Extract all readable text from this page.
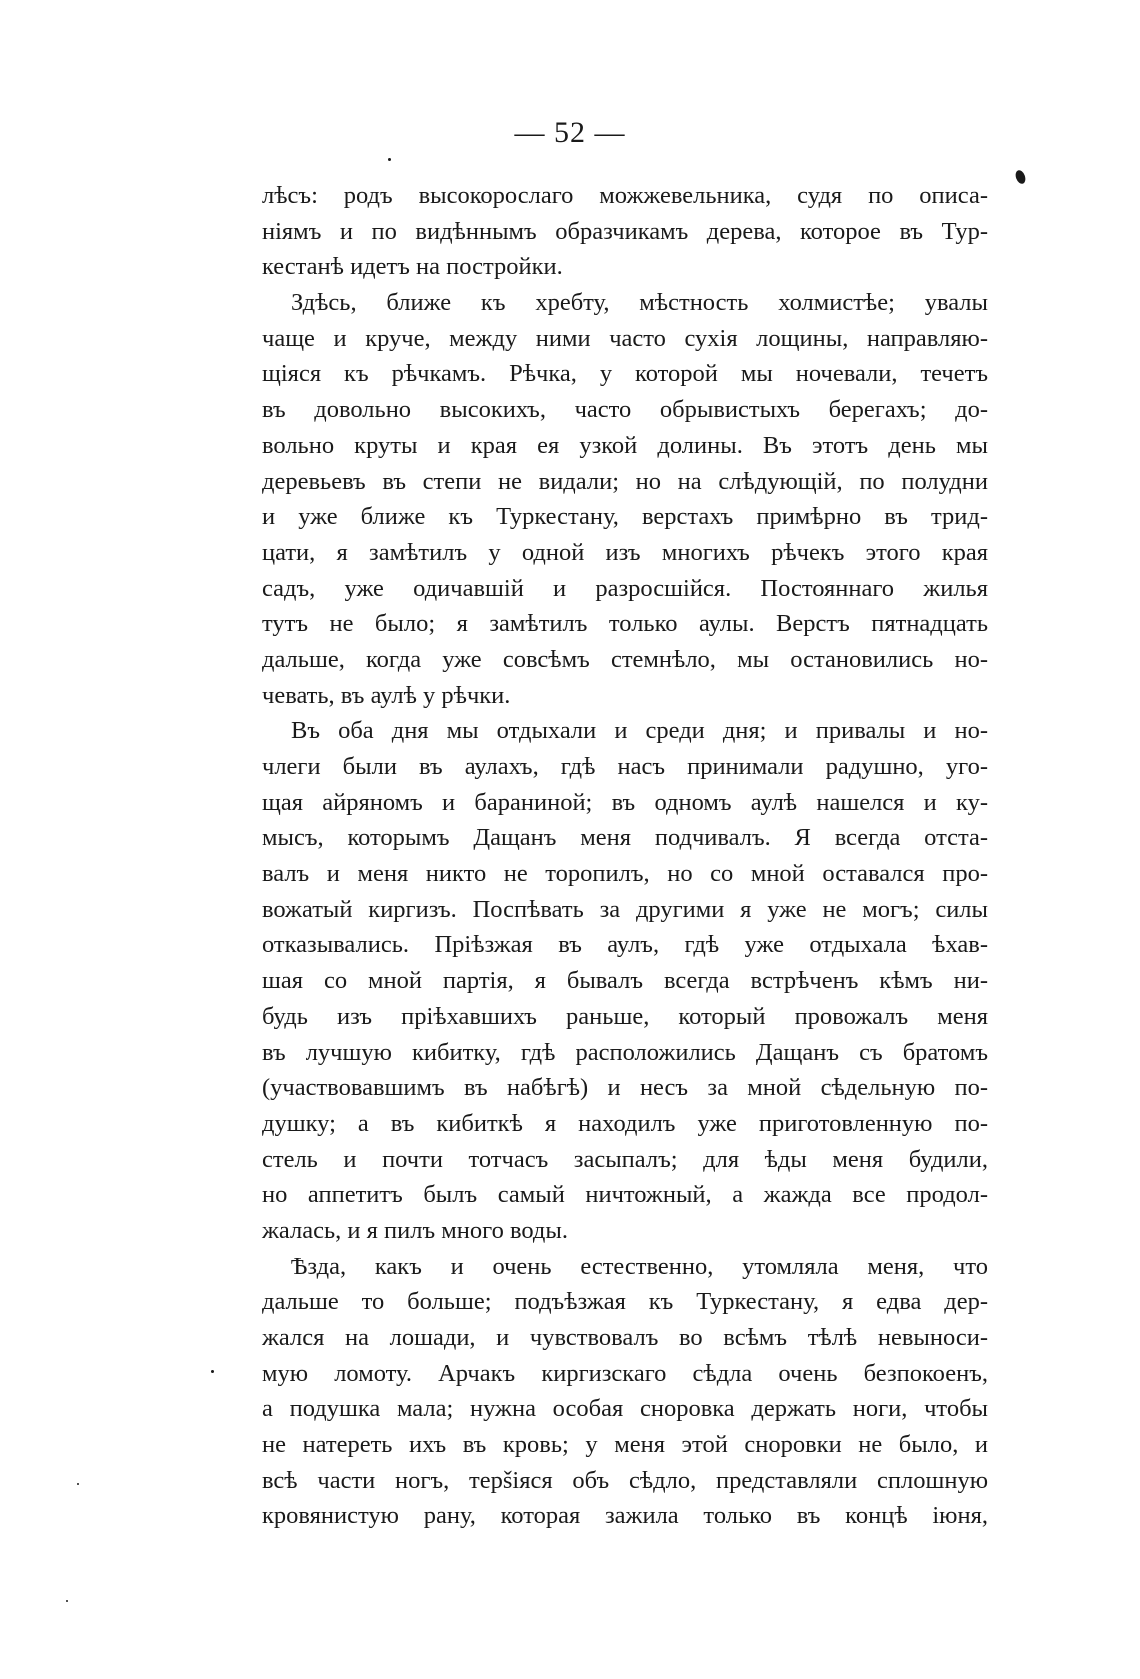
— 52 —
лѣсъ: родъ высокорослаго можжевельника, судя по описа-
ніямъ и по видѣннымъ образчикамъ дерева, которое въ Тур-
кестанѣ идетъ на постройки.
Здѣсь, ближе къ хребту, мѣстность холмистѣе; увалы
чаще и круче, между ними часто сухія лощины, направляю-
щіяся къ рѣчкамъ. Рѣчка, у которой мы ночевали, течетъ
въ довольно высокихъ, часто обрывистыхъ берегахъ; до-
вольно круты и края ея узкой долины. Въ этотъ день мы
деревьевъ въ степи не видали; но на слѣдующій, по полудни
и уже ближе къ Туркестану, верстахъ примѣрно въ трид-
цати, я замѣтилъ у одной изъ многихъ рѣчекъ этого края
садъ, уже одичавшій и разросшійся. Постояннаго жилья
тутъ не было; я замѣтилъ только аулы. Верстъ пятнадцать
дальше, когда уже совсѣмъ стемнѣло, мы остановились но-
чевать, въ аулѣ у рѣчки.
Въ оба дня мы отдыхали и среди дня; и привалы и но-
члеги были въ аулахъ, гдѣ насъ принимали радушно, уго-
щая айряномъ и бараниной; въ одномъ аулѣ нашелся и ку-
мысъ, которымъ Дащанъ меня подчивалъ. Я всегда отста-
валъ и меня никто не торопилъ, но со мной оставался про-
вожатый киргизъ. Поспѣвать за другими я уже не могъ; силы
отказывались. Пріѣзжая въ аулъ, гдѣ уже отдыхала ѣхав-
шая со мной партія, я бывалъ всегда встрѣченъ кѣмъ ни-
будь изъ пріѣхавшихъ раньше, который провожалъ меня
въ лучшую кибитку, гдѣ расположились Дащанъ съ братомъ
(участвовавшимъ въ набѣгѣ) и несъ за мной сѣдельную по-
душку; а въ кибиткѣ я находилъ уже приготовленную по-
стель и почти тотчасъ засыпалъ; для ѣды меня будили,
но аппетитъ былъ самый ничтожный, а жажда все продол-
жалась, и я пилъ много воды.
Ѣзда, какъ и очень естественно, утомляла меня, что
дальше то больше; подъѣзжая къ Туркестану, я едва дер-
жался на лошади, и чувствовалъ во всѣмъ тѣлѣ невыноси-
мую ломоту. Арчакъ киргизскаго сѣдла очень безпокоенъ,
а подушка мала; нужна особая сноровка держать ноги, чтобы
не натереть ихъ въ кровь; у меня этой сноровки не было, и
всѣ части ногъ, терšіяся объ сѣдло, представляли сплошную
кровянистую рану, которая зажила только въ концѣ іюня,
